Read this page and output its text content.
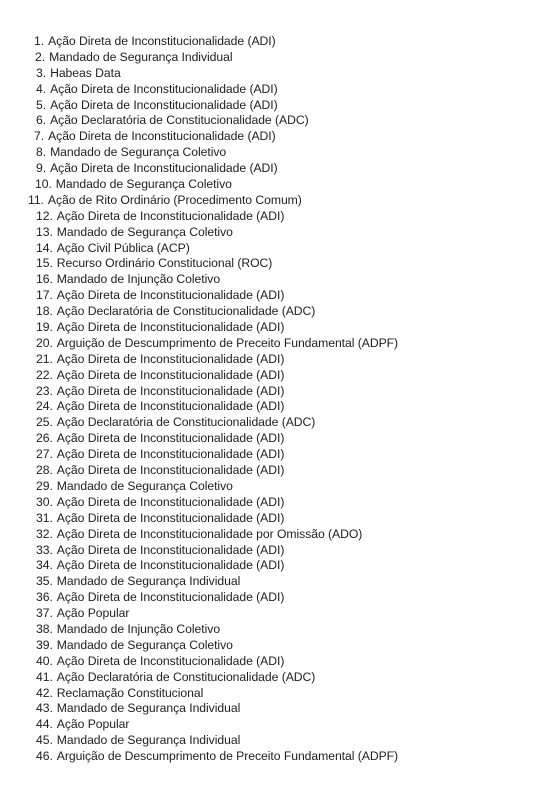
1. Ação Direta de Inconstitucionalidade (ADI)
2. Mandado de Segurança Individual
3. Habeas Data
4. Ação Direta de Inconstitucionalidade (ADI)
5. Ação Direta de Inconstitucionalidade (ADI)
6. Ação Declaratória de Constitucionalidade (ADC)
7. Ação Direta de Inconstitucionalidade (ADI)
8. Mandado de Segurança Coletivo
9. Ação Direta de Inconstitucionalidade (ADI)
10. Mandado de Segurança Coletivo
11. Ação de Rito Ordinário (Procedimento Comum)
12. Ação Direta de Inconstitucionalidade (ADI)
13. Mandado de Segurança Coletivo
14. Ação Civil Pública (ACP)
15. Recurso Ordinário Constitucional (ROC)
16. Mandado de Injunção Coletivo
17. Ação Direta de Inconstitucionalidade (ADI)
18. Ação Declaratória de Constitucionalidade (ADC)
19. Ação Direta de Inconstitucionalidade (ADI)
20. Arguição de Descumprimento de Preceito Fundamental (ADPF)
21. Ação Direta de Inconstitucionalidade (ADI)
22. Ação Direta de Inconstitucionalidade (ADI)
23. Ação Direta de Inconstitucionalidade (ADI)
24. Ação Direta de Inconstitucionalidade (ADI)
25. Ação Declaratória de Constitucionalidade (ADC)
26. Ação Direta de Inconstitucionalidade (ADI)
27. Ação Direta de Inconstitucionalidade (ADI)
28. Ação Direta de Inconstitucionalidade (ADI)
29. Mandado de Segurança Coletivo
30. Ação Direta de Inconstitucionalidade (ADI)
31. Ação Direta de Inconstitucionalidade (ADI)
32. Ação Direta de Inconstitucionalidade por Omissão (ADO)
33. Ação Direta de Inconstitucionalidade (ADI)
34. Ação Direta de Inconstitucionalidade (ADI)
35. Mandado de Segurança Individual
36. Ação Direta de Inconstitucionalidade (ADI)
37. Ação Popular
38. Mandado de Injunção Coletivo
39. Mandado de Segurança Coletivo
40. Ação Direta de Inconstitucionalidade (ADI)
41. Ação Declaratória de Constitucionalidade (ADC)
42. Reclamação Constitucional
43. Mandado de Segurança Individual
44. Ação Popular
45. Mandado de Segurança Individual
46. Arguição de Descumprimento de Preceito Fundamental (ADPF)
